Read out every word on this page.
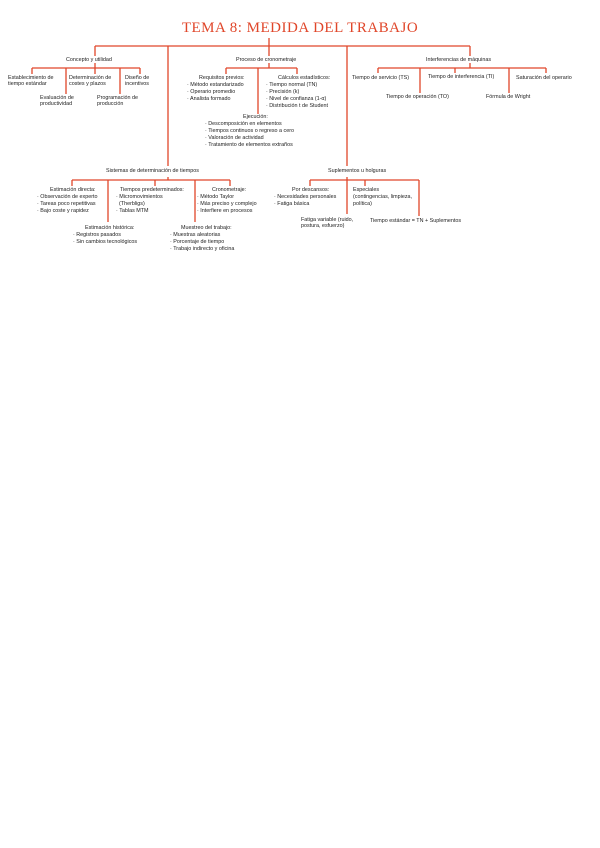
TEMA 8: MEDIDA DEL TRABAJO
Concepto y utilidad
Establecimiento de
tiempo estándar
Determinación de
costes y plazos
Diseño de
incentivos
Evaluación de
productividad
Programación de
producción
Proceso de cronometraje
Requisitos previos:
· Método estandarizado
· Operario promedio
· Analista formado
Cálculos estadísticos:
· Tiempo normal (TN)
· Precisión (k)
· Nivel de confianza (1-α)
· Distribución t de Student
Ejecución:
· Descomposición en elementos
· Tiempos continuos o regreso a cero
· Valoración de actividad
· Tratamiento de elementos extraños
Interferencias de máquinas
Tiempo de servicio (TS)	Tiempo de interferencia (TI)	Saturación del operario
Tiempo de operación (TO)	Fórmula de Wright
Sistemas de determinación de tiempos
Estimación directa:
· Observación de experto
· Tareas poco repetitivas
· Bajo coste y rapidez
Tiempos predeterminados:
· Micromovimientos
(Therbligs)
· Tablas MTM
Cronometraje:
· Método Taylor
· Más preciso y complejo
· Interfiere en procesos
Estimación histórica:
· Registros pasados
· Sin cambios tecnológicos
Muestreo del trabajo:
· Muestras aleatorias
· Porcentaje de tiempo
· Trabajo indirecto y oficina
Suplementos u holguras
Por descansos:
· Necesidades personales
· Fatiga básica
Especiales
(contingencias, limpieza,
política)
Fatiga variable (ruido,
postura, esfuerzo)
Tiempo estándar = TN + Suplementos
